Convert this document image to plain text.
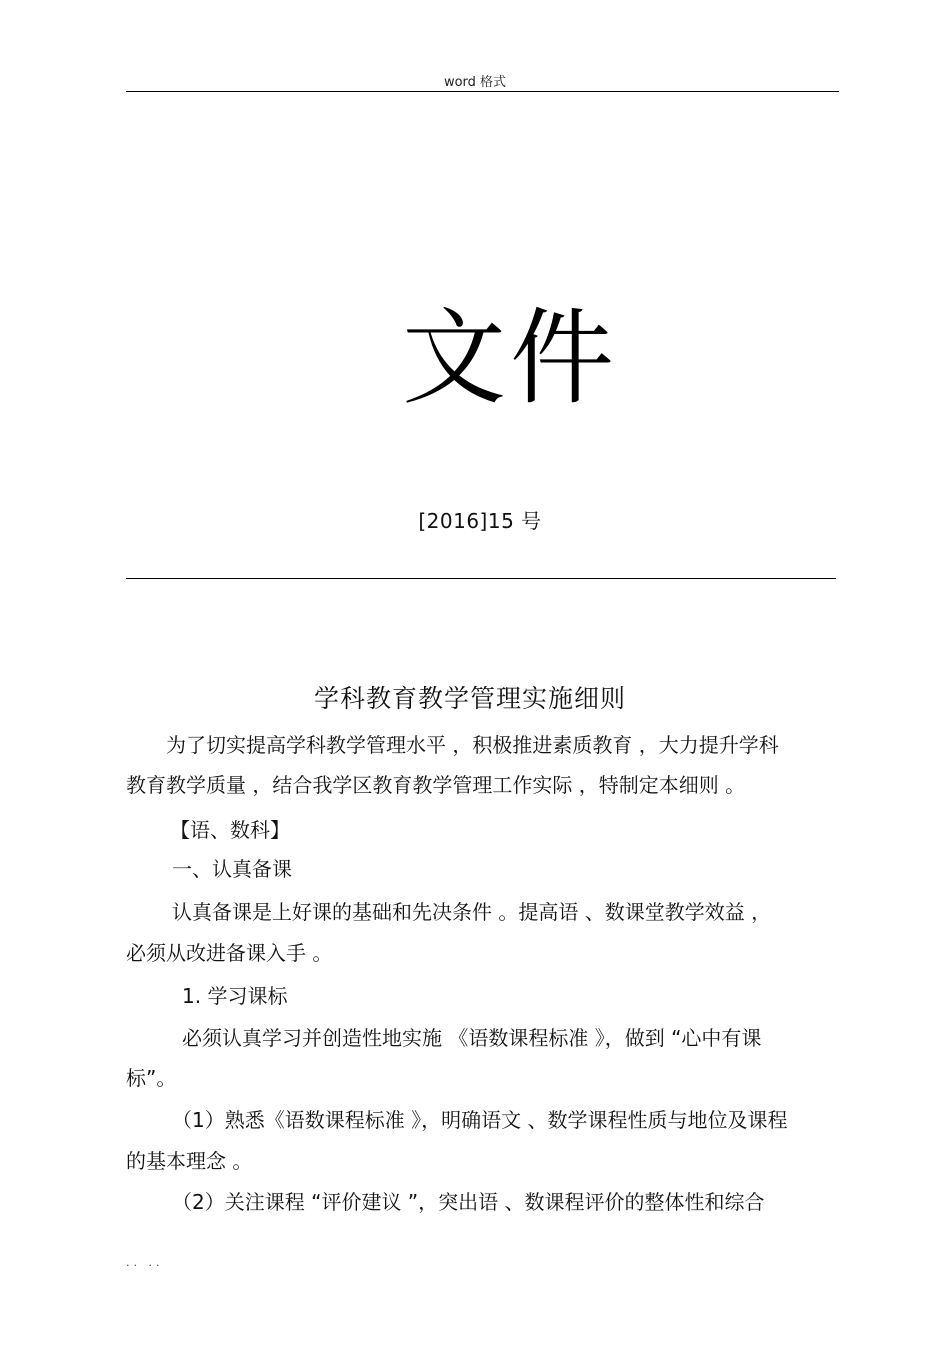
word 格式
文件
[2016]15 号
学科教育教学管理实施细则
为了切实提高学科教学管理水平 ，积极推进素质教育 ，大力提升学科
教育教学质量 ，结合我学区教育教学管理工作实际 ，特制定本细则 。
【语、数科】
一、认真备课
认真备课是上好课的基础和先决条件 。提高语 、数课堂教学效益 ，
必须从改进备课入手 。
1. 学习课标
必须认真学习并创造性地实施 《语数课程标准 》，做到 “心中有课
标”。
（1）熟悉《语数课程标准 》，明确语文 、数学课程性质与地位及课程
的基本理念 。
（2）关注课程 “评价建议 ”，突出语 、数课程评价的整体性和综合
.. ..
